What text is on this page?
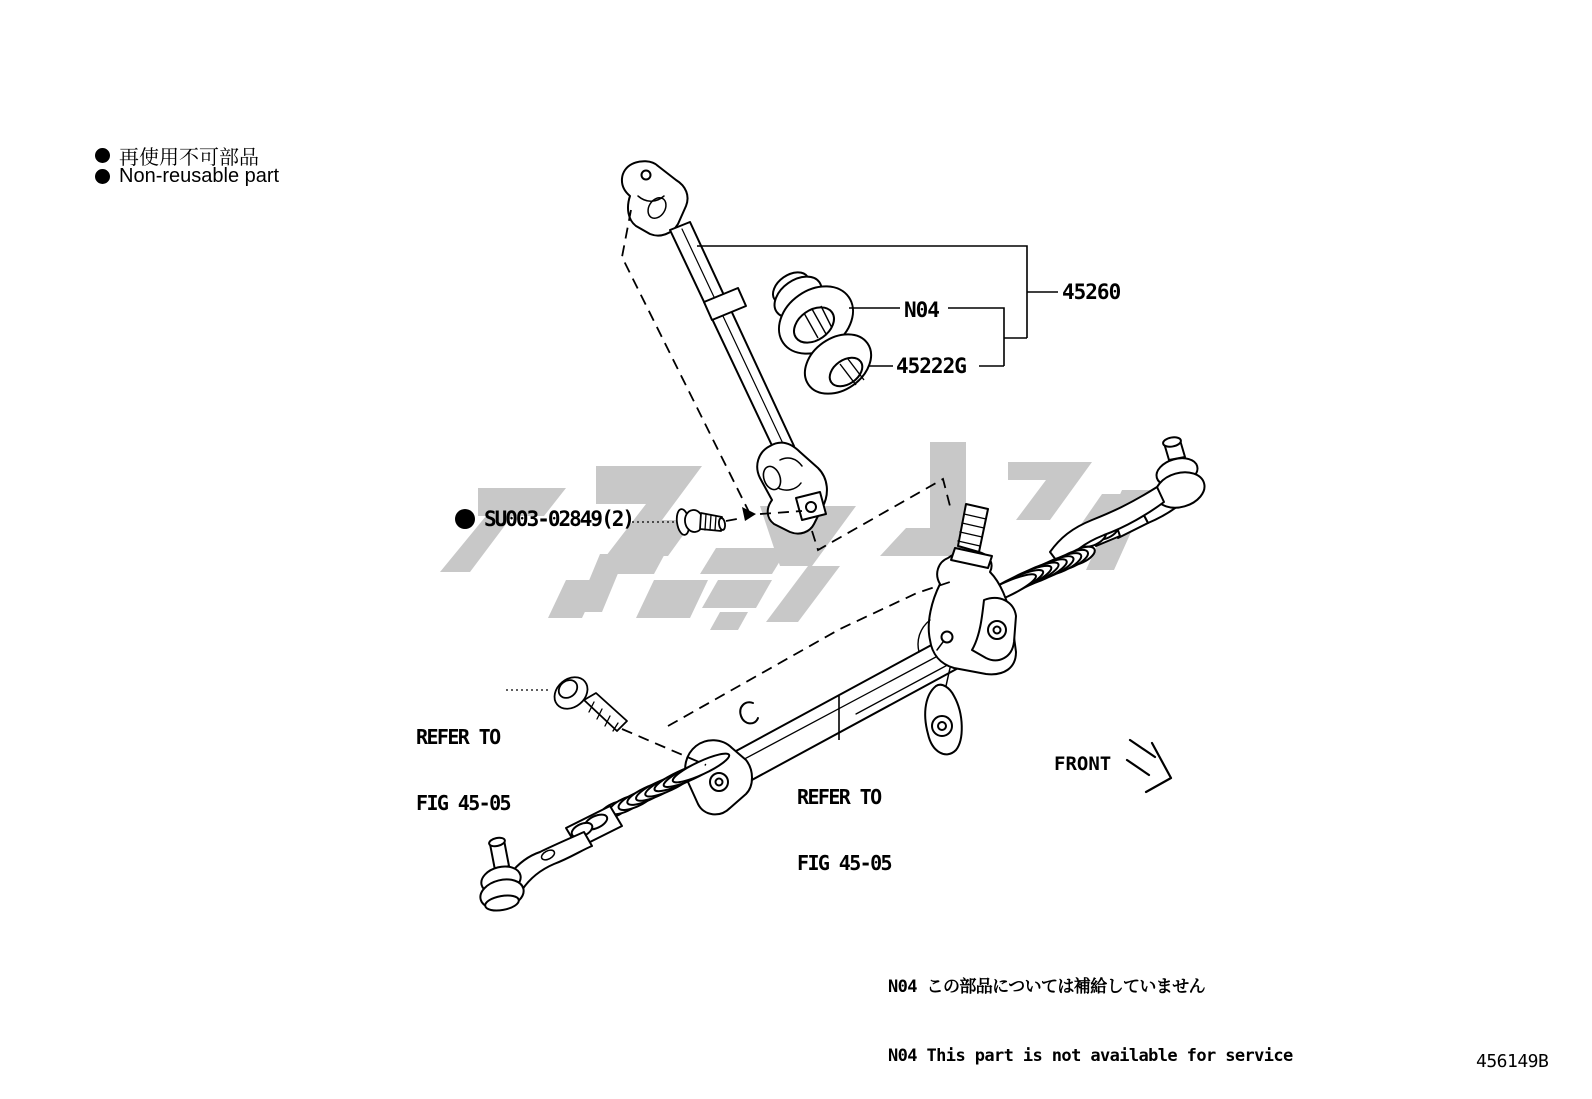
再使用不可部品
Non-reusable part
45260
N04
45222G
SU003-02849(2)

REFER TO

FIG 45-05

	REFER TO

FIG 45-05

FRONT

N04 この部品については補給していません

N04 This part is not available for service	456149B
